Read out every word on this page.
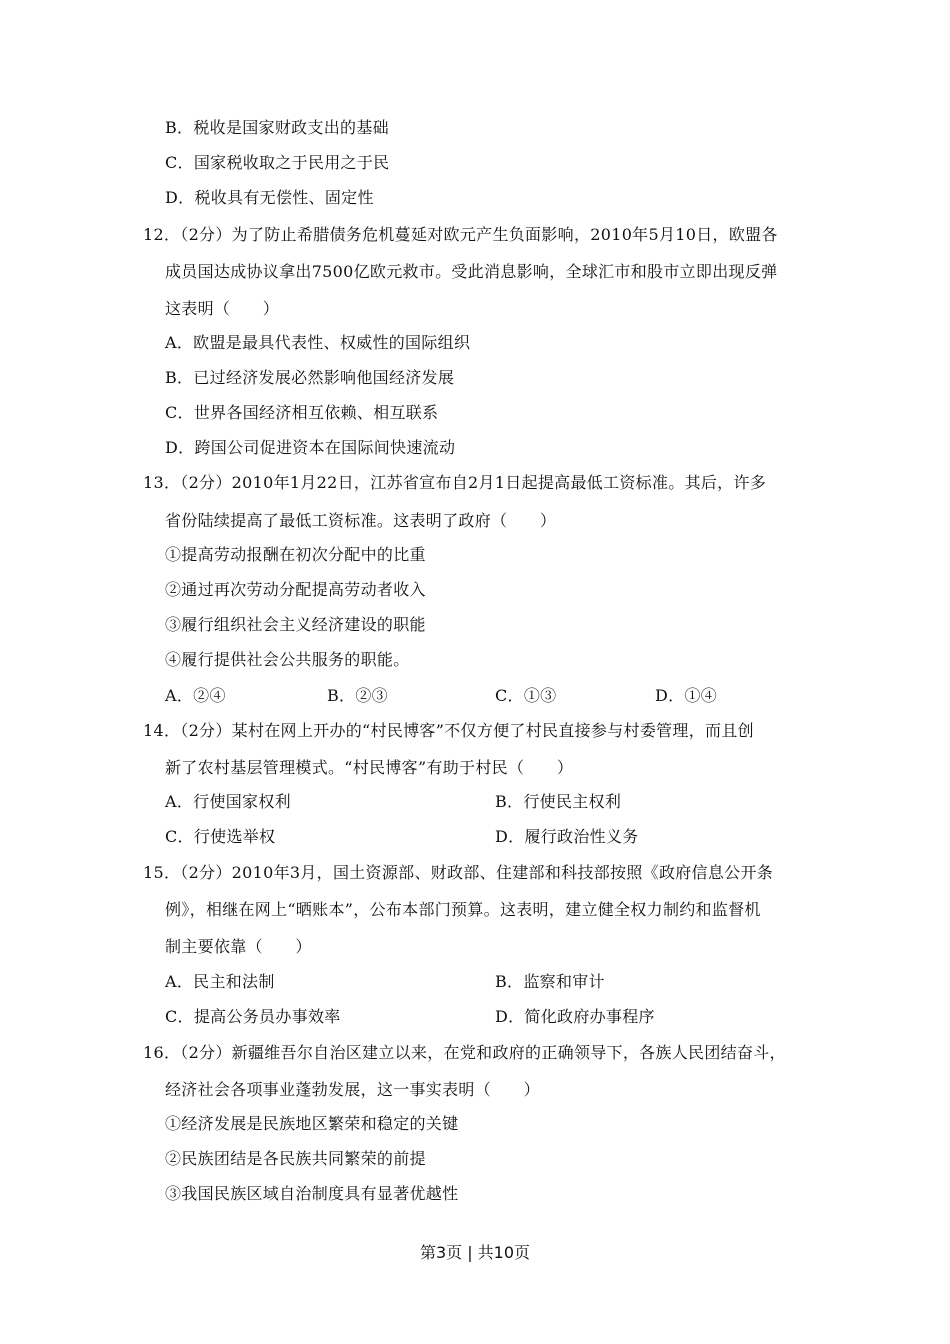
B．税收是国家财政支出的基础
C．国家税收取之于民用之于民
D．税收具有无偿性、固定性
12．（2分）为了防止希腊债务危机蔓延对欧元产生负面影响，2010年5月10日，欧盟各
成员国达成协议拿出7500亿欧元救市。受此消息影响，全球汇市和股市立即出现反弹
这表明（　　）
A．欧盟是最具代表性、权威性的国际组织
B．已过经济发展必然影响他国经济发展
C．世界各国经济相互依赖、相互联系
D．跨国公司促进资本在国际间快速流动
13．（2分）2010年1月22日，江苏省宣布自2月1日起提高最低工资标准。其后，许多
省份陆续提高了最低工资标准。这表明了政府（　　）
①提高劳动报酬在初次分配中的比重
②通过再次劳动分配提高劳动者收入
③履行组织社会主义经济建设的职能
④履行提供社会公共服务的职能。
A．②④	B．②③	C．①③	D．①④
14．（2分）某村在网上开办的“村民博客”不仅方便了村民直接参与村委管理，而且创
新了农村基层管理模式。“村民博客”有助于村民（　　）
A．行使国家权利	B．行使民主权利
C．行使选举权	D．履行政治性义务
15．（2分）2010年3月，国土资源部、财政部、住建部和科技部按照《政府信息公开条
例》，相继在网上“晒账本”，公布本部门预算。这表明，建立健全权力制约和监督机
制主要依靠（　　）
A．民主和法制	B．监察和审计
C．提高公务员办事效率	D．简化政府办事程序
16．（2分）新疆维吾尔自治区建立以来，在党和政府的正确领导下，各族人民团结奋斗，
经济社会各项事业蓬勃发展，这一事实表明（　　）
①经济发展是民族地区繁荣和稳定的关键
②民族团结是各民族共同繁荣的前提
③我国民族区域自治制度具有显著优越性
第3页 | 共10页
